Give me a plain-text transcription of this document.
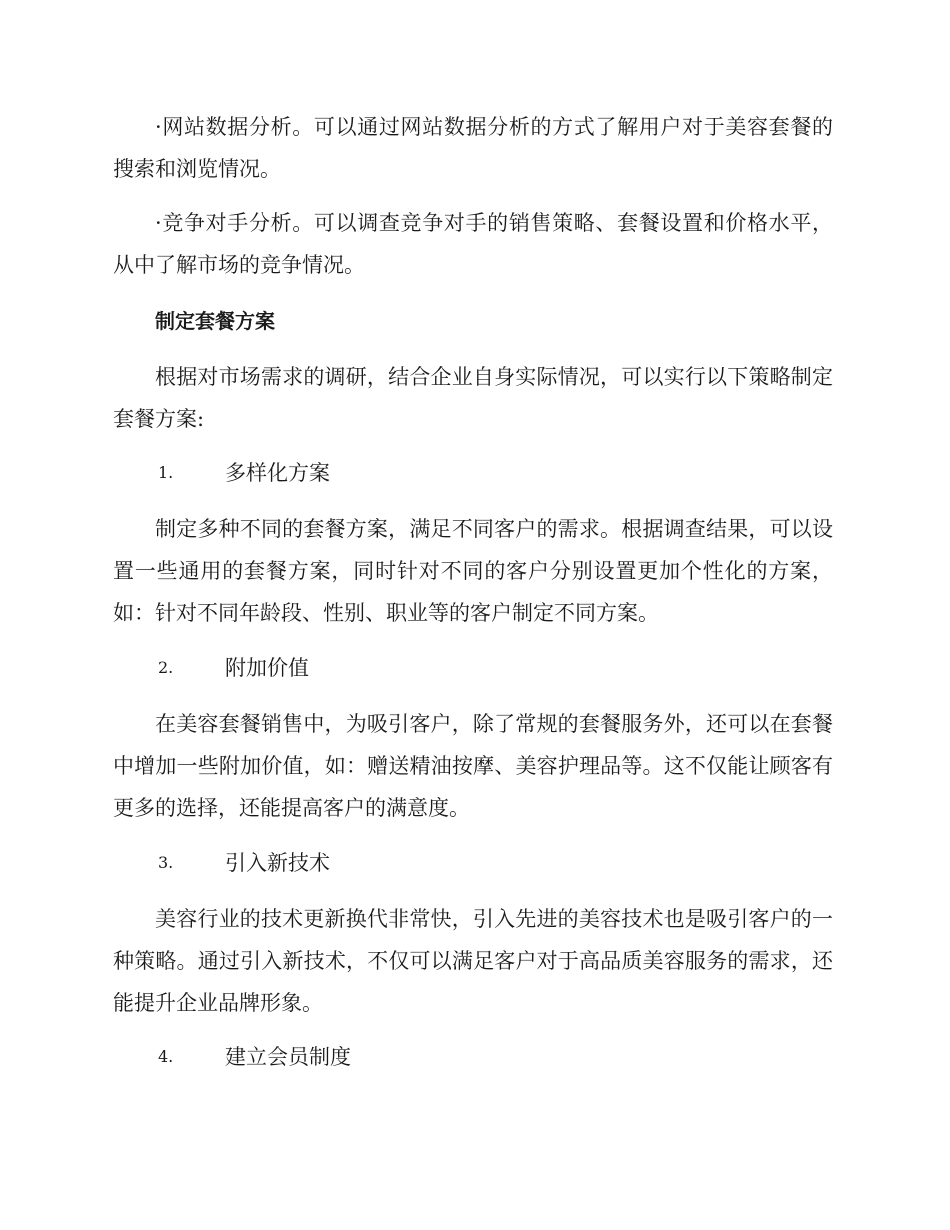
·网站数据分析。可以通过网站数据分析的方式了解用户对于美容套餐的搜索和浏览情况。
·竞争对手分析。可以调查竞争对手的销售策略、套餐设置和价格水平，从中了解市场的竞争情况。
制定套餐方案
根据对市场需求的调研，结合企业自身实际情况，可以实行以下策略制定套餐方案:
1. 多样化方案
制定多种不同的套餐方案，满足不同客户的需求。根据调查结果，可以设置一些通用的套餐方案，同时针对不同的客户分别设置更加个性化的方案，如：针对不同年龄段、性别、职业等的客户制定不同方案。
2. 附加价值
在美容套餐销售中，为吸引客户，除了常规的套餐服务外，还可以在套餐中增加一些附加价值，如：赠送精油按摩、美容护理品等。这不仅能让顾客有更多的选择，还能提高客户的满意度。
3. 引入新技术
美容行业的技术更新换代非常快，引入先进的美容技术也是吸引客户的一种策略。通过引入新技术，不仅可以满足客户对于高品质美容服务的需求，还能提升企业品牌形象。
4. 建立会员制度
